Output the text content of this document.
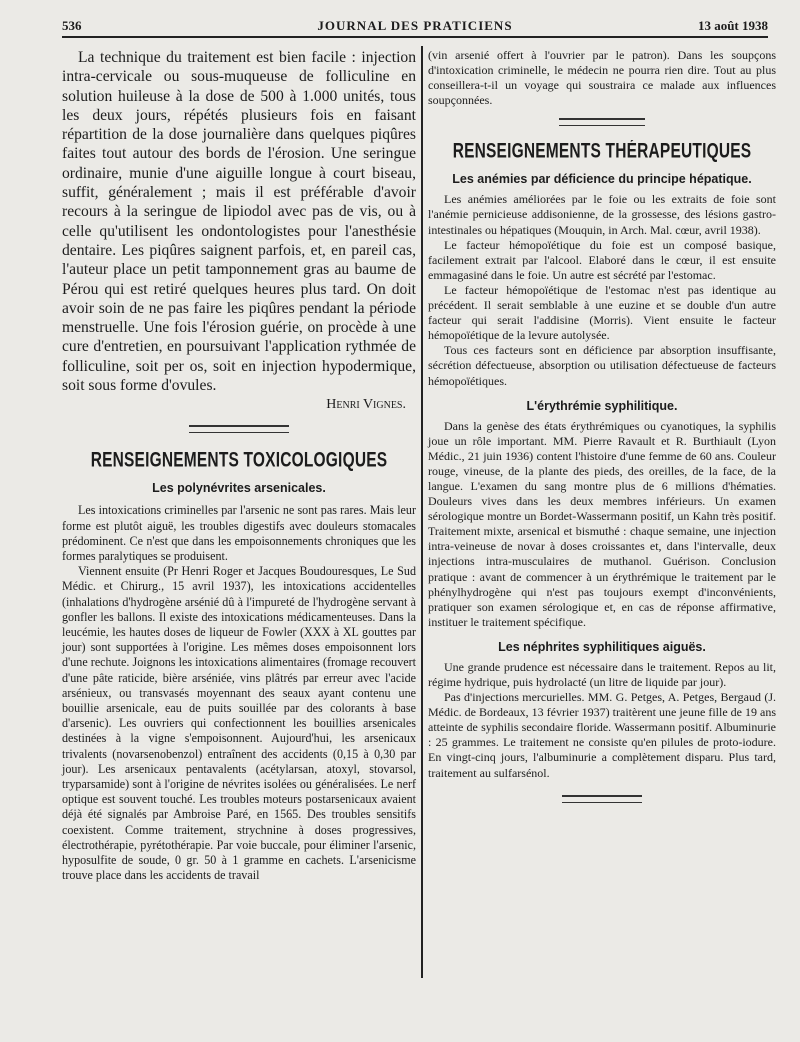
536	JOURNAL DES PRATICIENS	13 août 1938

La technique du traitement est bien facile : injection intra-cervicale ou sous-muqueuse de folliculine en solution huileuse à la dose de 500 à 1.000 unités, tous les deux jours, répétés plusieurs fois en faisant répartition de la dose journalière dans quelques piqûres faites tout autour des bords de l'érosion. Une seringue ordinaire, munie d'une aiguille longue à court biseau, suffit, généralement ; mais il est préférable d'avoir recours à la seringue de lipiodol avec pas de vis, ou à celle qu'utilisent les ondontologistes pour l'anesthésie dentaire. Les piqûres saignent parfois, et, en pareil cas, l'auteur place un petit tamponnement gras au baume de Pérou qui est retiré quelques heures plus tard. On doit avoir soin de ne pas faire les piqûres pendant la période menstruelle. Une fois l'érosion guérie, on procède à une cure d'entretien, en poursuivant l'application rythmée de folliculine, soit per os, soit en injection hypodermique, soit sous forme d'ovules.

Henri Vignes.
RENSEIGNEMENTS TOXICOLOGIQUES
Les polynévrites arsenicales.

Les intoxications criminelles par l'arsenic ne sont pas rares. Mais leur forme est plutôt aiguë, les troubles digestifs avec douleurs stomacales prédominent. Ce n'est que dans les empoisonnements chroniques que les formes paralytiques se produisent.

Viennent ensuite (Pr Henri Roger et Jacques Boudouresques, Le Sud Médic. et Chirurg., 15 avril 1937), les intoxications accidentelles (inhalations d'hydrogène arsénié dû à l'impureté de l'hydrogène servant à gonfler les ballons. Il existe des intoxications médicamenteuses. Dans la leucémie, les hautes doses de liqueur de Fowler (XXX à XL gouttes par jour) sont supportées à l'origine. Les mêmes doses empoisonnent lors d'une rechute. Joignons les intoxications alimentaires (fromage recouvert d'une pâte raticide, bière arséniée, vins plâtrés par erreur avec l'acide arsénieux, ou transvasés moyennant des seaux ayant contenu une bouillie arsenicale, eau de puits souillée par des colorants à base d'arsenic). Les ouvriers qui confectionnent les bouillies arsenicales destinées à la vigne s'empoisonnent. Aujourd'hui, les arsenicaux trivalents (novarsenobenzol) entraînent des accidents (0,15 à 0,30 par jour). Les arsenicaux pentavalents (acétylarsan, atoxyl, stovarsol, tryparsamide) sont à l'origine de névrites isolées ou généralisées. Le nerf optique est souvent touché. Les troubles moteurs postarsenicaux avaient déjà été signalés par Ambroise Paré, en 1565. Des troubles sensitifs coexistent. Comme traitement, strychnine à doses progressives, électrothérapie, pyrétothérapie. Par voie buccale, pour éliminer l'arsenic, hyposulfite de soude, 0 gr. 50 à 1 gramme en cachets. L'arsenicisme trouve place dans les accidents de travail

(vin arsenié offert à l'ouvrier par le patron). Dans les soupçons d'intoxication criminelle, le médecin ne pourra rien dire. Tout au plus conseillera-t-il un voyage qui soustraira ce malade aux influences soupçonnées.

RENSEIGNEMENTS THÉRAPEUTIQUES
Les anémies par déficience du principe hépatique.

Les anémies améliorées par le foie ou les extraits de foie sont l'anémie pernicieuse addisonienne, de la grossesse, des lésions gastro-intestinales ou hépatiques (Mouquin, in Arch. Mal. cœur, avril 1938).

Le facteur hémopoïétique du foie est un composé basique, facilement extrait par l'alcool. Elaboré dans le cœur, il est ensuite emmagasiné dans le foie. Un autre est sécrété par l'estomac.

Le facteur hémopoïétique de l'estomac n'est pas identique au précédent. Il serait semblable à une euzine et se double d'un autre facteur qui serait l'addisine (Morris). Vient ensuite le facteur hémopoïétique de la levure autolysée.

Tous ces facteurs sont en déficience par absorption insuffisante, sécrétion défectueuse, absorption ou utilisation défectueuse de facteurs hémopoïétiques.

L'érythrémie syphilitique.

Dans la genèse des états érythrémiques ou cyanotiques, la syphilis joue un rôle important. MM. Pierre Ravault et R. Burthiault (Lyon Médic., 21 juin 1936) content l'histoire d'une femme de 60 ans. Couleur rouge, vineuse, de la plante des pieds, des oreilles, de la face, de la langue. L'examen du sang montre plus de 6 millions d'hématies. Douleurs vives dans les deux membres inférieurs. Un examen sérologique montre un Bordet-Wassermann positif, un Kahn très positif. Traitement mixte, arsenical et bismuthé : chaque semaine, une injection intra-veineuse de novar à doses croissantes et, dans l'intervalle, deux injections intra-musculaires de muthanol. Guérison. Conclusion pratique : avant de commencer à un érythrémique le traitement par le phénylhydrogène qui n'est pas toujours exempt d'inconvénients, pratiquer son examen sérologique et, en cas de réponse affirmative, instituer le traitement spécifique.

Les néphrites syphilitiques aiguës.

Une grande prudence est nécessaire dans le traitement. Repos au lit, régime hydrique, puis hydrolacté (un litre de liquide par jour).

Pas d'injections mercurielles. MM. G. Petges, A. Petges, Bergaud (J. Médic. de Bordeaux, 13 février 1937) traitèrent une jeune fille de 19 ans atteinte de syphilis secondaire floride. Wassermann positif. Albuminurie : 25 grammes. Le traitement ne consiste qu'en pilules de proto-iodure. En vingt-cinq jours, l'albuminurie a complètement disparu. Plus tard, traitement au sulfarsénol.
